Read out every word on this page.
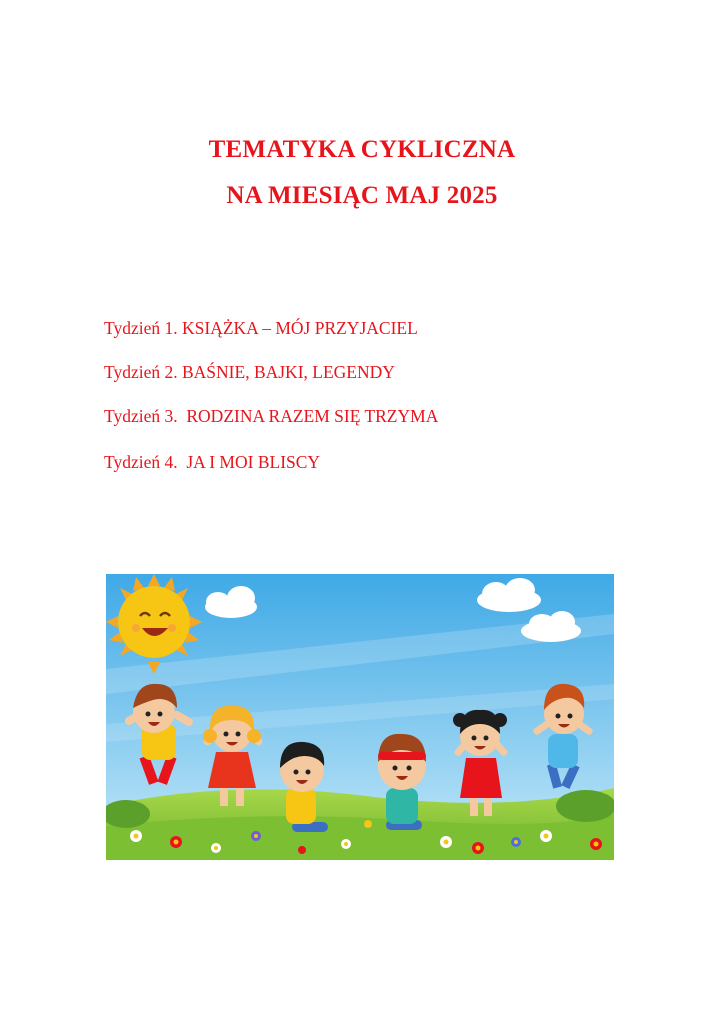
TEMATYKA CYKLICZNA
NA MIESIĄC MAJ 2025
Tydzień 1. KSIĄŻKA – MÓJ PRZYJACIEL
Tydzień 2. BAŚNIE, BAJKI, LEGENDY
Tydzień 3.  RODZINA RAZEM SIĘ TRZYMA
Tydzień 4.  JA I MOI BLISCY
